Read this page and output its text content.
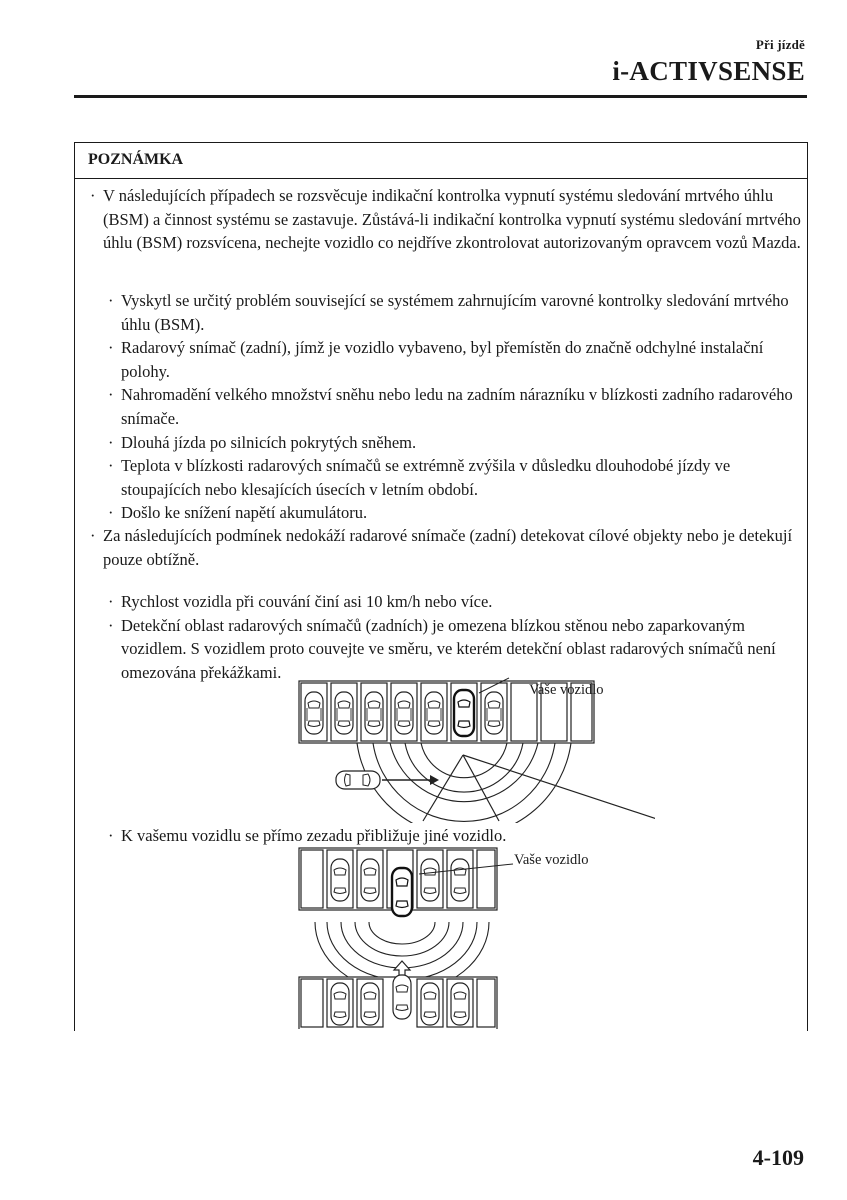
Při jízdě
i-ACTIVSENSE
POZNÁMKA
· V následujících případech se rozsvěcuje indikační kontrolka vypnutí systému sledování mrtvého úhlu (BSM) a činnost systému se zastavuje. Zůstává-li indikační kontrolka vypnutí systému sledování mrtvého úhlu (BSM) rozsvícena, nechejte vozidlo co nejdříve zkontrolovat autorizovaným opravcem vozů Mazda.
· Vyskytl se určitý problém související se systémem zahrnujícím varovné kontrolky sledování mrtvého úhlu (BSM).
· Radarový snímač (zadní), jímž je vozidlo vybaveno, byl přemístěn do značně odchylné instalační polohy.
· Nahromadění velkého množství sněhu nebo ledu na zadním nárazníku v blízkosti zadního radarového snímače.
· Dlouhá jízda po silnicích pokrytých sněhem.
· Teplota v blízkosti radarových snímačů se extrémně zvýšila v důsledku dlouhodobé jízdy ve stoupajících nebo klesajících úsecích v letním období.
· Došlo ke snížení napětí akumulátoru.
· Za následujících podmínek nedokáží radarové snímače (zadní) detekovat cílové objekty nebo je detekují pouze obtížně.
· Rychlost vozidla při couvání činí asi 10 km/h nebo více.
· Detekční oblast radarových snímačů (zadních) je omezena blízkou stěnou nebo zaparkovaným vozidlem. S vozidlem proto couvejte ve směru, ve kterém detekční oblast radarových snímačů není omezována překážkami.
Vaše vozidlo
· K vašemu vozidlu se přímo zezadu přibližuje jiné vozidlo.
Vaše vozidlo
4-109
